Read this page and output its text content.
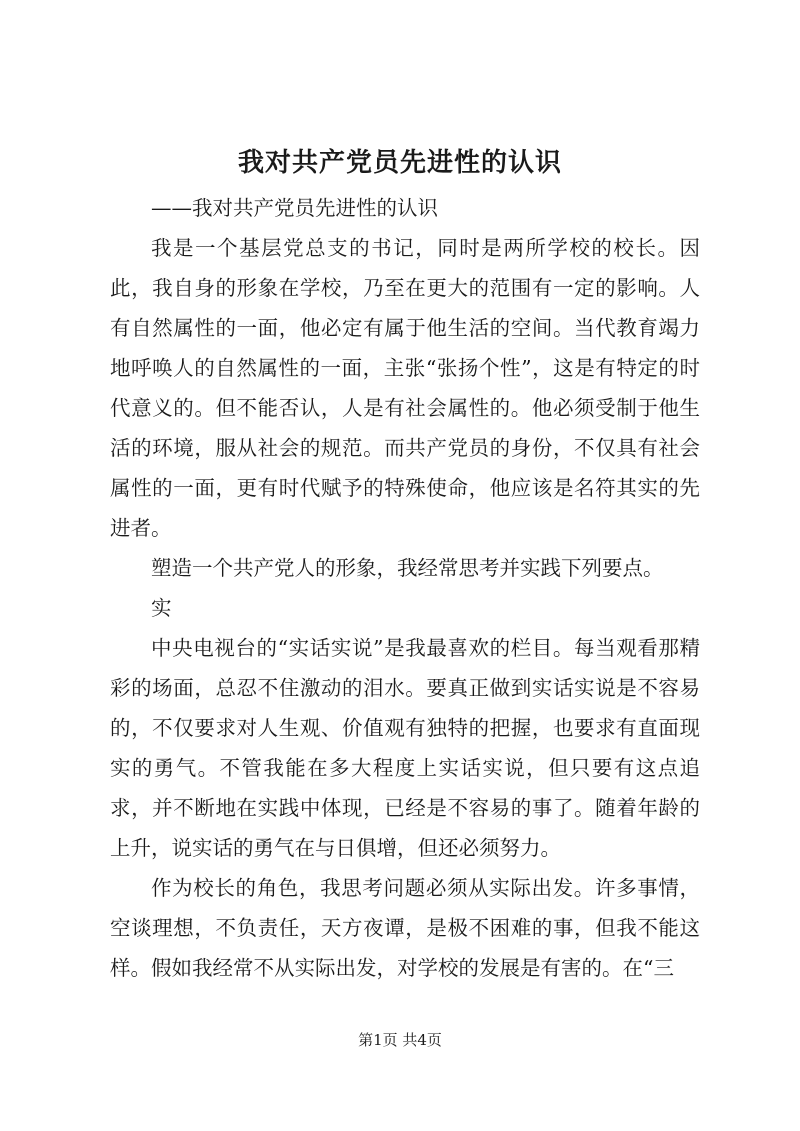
我对共产党员先进性的认识

——我对共产党员先进性的认识

我是一个基层党总支的书记，同时是两所学校的校长。因此，我自身的形象在学校，乃至在更大的范围有一定的影响。人有自然属性的一面，他必定有属于他生活的空间。当代教育竭力地呼唤人的自然属性的一面，主张“张扬个性”，这是有特定的时代意义的。但不能否认，人是有社会属性的。他必须受制于他生活的环境，服从社会的规范。而共产党员的身份，不仅具有社会属性的一面，更有时代赋予的特殊使命，他应该是名符其实的先进者。

塑造一个共产党人的形象，我经常思考并实践下列要点。

实

中央电视台的“实话实说”是我最喜欢的栏目。每当观看那精彩的场面，总忍不住激动的泪水。要真正做到实话实说是不容易的，不仅要求对人生观、价值观有独特的把握，也要求有直面现实的勇气。不管我能在多大程度上实话实说，但只要有这点追求，并不断地在实践中体现，已经是不容易的事了。随着年龄的上升，说实话的勇气在与日俱增，但还必须努力。

作为校长的角色，我思考问题必须从实际出发。许多事情，空谈理想，不负责任，天方夜谭，是极不困难的事，但我不能这样。假如我经常不从实际出发，对学校的发展是有害的。在“三

第1页 共4页
